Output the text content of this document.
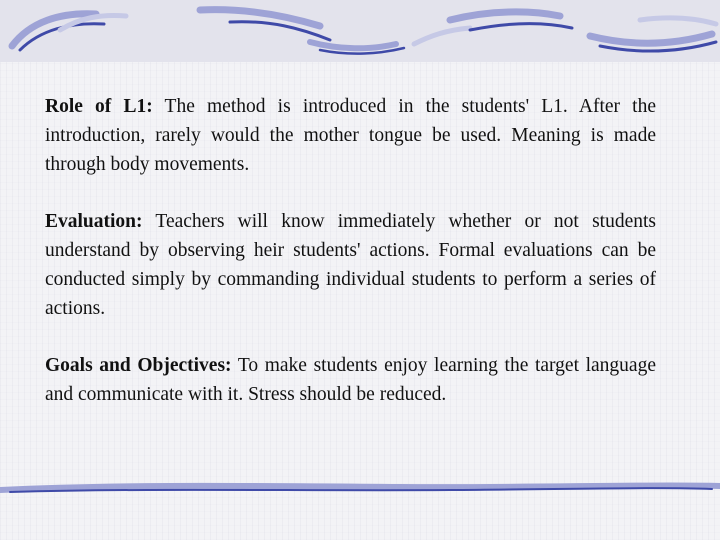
Role of L1: The method is introduced in the students' L1. After the introduction, rarely would the mother tongue be used. Meaning is made through body movements.

Evaluation: Teachers will know immediately whether or not students understand by observing heir students' actions. Formal evaluations can be conducted simply by commanding individual students to perform a series of actions.

Goals and Objectives: To make students enjoy learning the target language and communicate with it. Stress should be reduced.
